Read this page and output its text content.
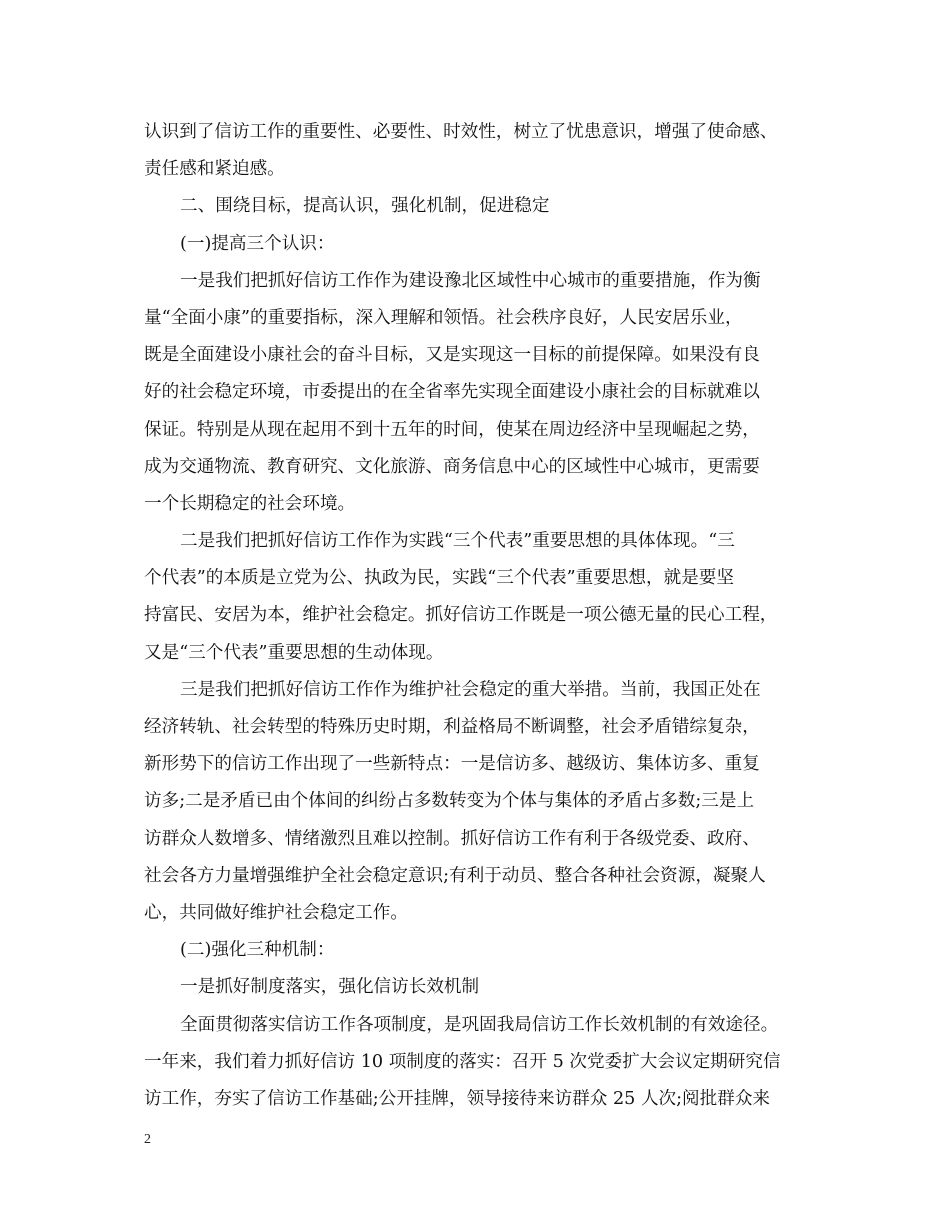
认识到了信访工作的重要性、必要性、时效性，树立了忧患意识，增强了使命感、
责任感和紧迫感。
二、围绕目标，提高认识，强化机制，促进稳定
(一)提高三个认识：
一是我们把抓好信访工作作为建设豫北区域性中心城市的重要措施，作为衡
量“全面小康”的重要指标，深入理解和领悟。社会秩序良好，人民安居乐业，
既是全面建设小康社会的奋斗目标，又是实现这一目标的前提保障。如果没有良
好的社会稳定环境，市委提出的在全省率先实现全面建设小康社会的目标就难以
保证。特别是从现在起用不到十五年的时间，使某在周边经济中呈现崛起之势，
成为交通物流、教育研究、文化旅游、商务信息中心的区域性中心城市，更需要
一个长期稳定的社会环境。
二是我们把抓好信访工作作为实践“三个代表”重要思想的具体体现。“三
个代表”的本质是立党为公、执政为民，实践“三个代表”重要思想，就是要坚
持富民、安居为本，维护社会稳定。抓好信访工作既是一项公德无量的民心工程，
又是“三个代表”重要思想的生动体现。
三是我们把抓好信访工作作为维护社会稳定的重大举措。当前，我国正处在
经济转轨、社会转型的特殊历史时期，利益格局不断调整，社会矛盾错综复杂，
新形势下的信访工作出现了一些新特点：一是信访多、越级访、集体访多、重复
访多;二是矛盾已由个体间的纠纷占多数转变为个体与集体的矛盾占多数;三是上
访群众人数增多、情绪激烈且难以控制。抓好信访工作有利于各级党委、政府、
社会各方力量增强维护全社会稳定意识;有利于动员、整合各种社会资源，凝聚人
心，共同做好维护社会稳定工作。
(二)强化三种机制：
一是抓好制度落实，强化信访长效机制
全面贯彻落实信访工作各项制度，是巩固我局信访工作长效机制的有效途径。
一年来，我们着力抓好信访 10 项制度的落实：召开 5 次党委扩大会议定期研究信
访工作，夯实了信访工作基础;公开挂牌，领导接待来访群众 25 人次;阅批群众来
2
